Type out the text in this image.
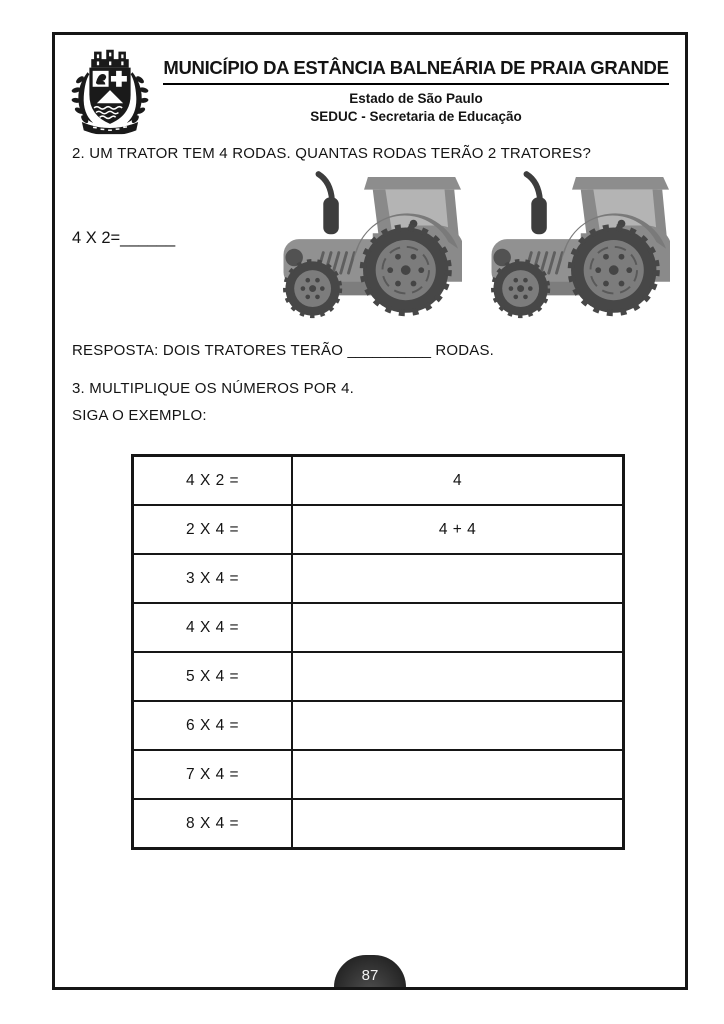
MUNICÍPIO DA ESTÂNCIA BALNEÁRIA DE PRAIA GRANDE
Estado de São Paulo
SEDUC - Secretaria de Educação
2. UM TRATOR TEM 4 RODAS. QUANTAS RODAS TERÃO 2 TRATORES?
4 X 2=______
RESPOSTA: DOIS TRATORES TERÃO __________ RODAS.
3. MULTIPLIQUE OS NÚMEROS POR 4.
SIGA O EXEMPLO:
4 X 2 =	4
2 X 4 =	4 + 4
3 X 4 =	
4 X 4 =	
5 X 4 =	
6 X 4 =	
7 X 4 =	
8 X 4 =	
87
